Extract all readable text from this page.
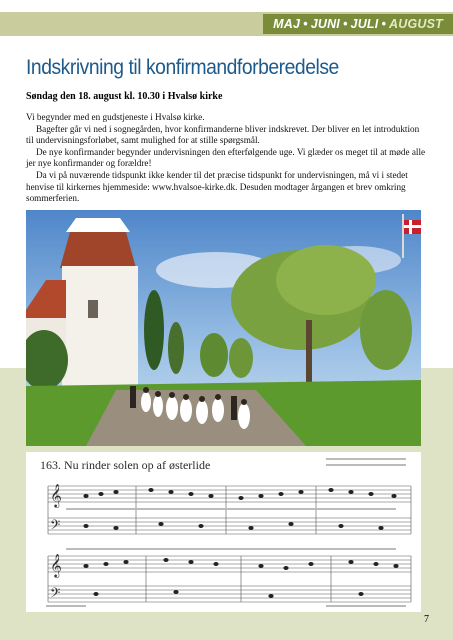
MAJ • JUNI • JULI • AUGUST
Indskrivning til konfirmandforberedelse
Søndag den 18. august kl. 10.30 i Hvalsø kirke

Vi begynder med en gudstjeneste i Hvalsø kirke.

Bagefter går vi ned i sognegården, hvor konfirmanderne bliver indskrevet. Der bliver en let introduktion til undervisningsforløbet, samt mulighed for at stille spørgsmål.

De nye konfirmander begynder undervisningen den efterfølgende uge. Vi glæder os meget til at møde alle jer nye konfirmander og forældre!

Da vi på nuværende tidspunkt ikke kender til det præcise tidspunkt for undervisningen, må vi i stedet henvise til kirkernes hjemmeside: www.hvalsoe-kirke.dk. Desuden modtager årgangen et brev omkring sommerferien.

𝄞
𝄢
𝄞
𝄢
163. Nu rinder solen op af østerlide
7
